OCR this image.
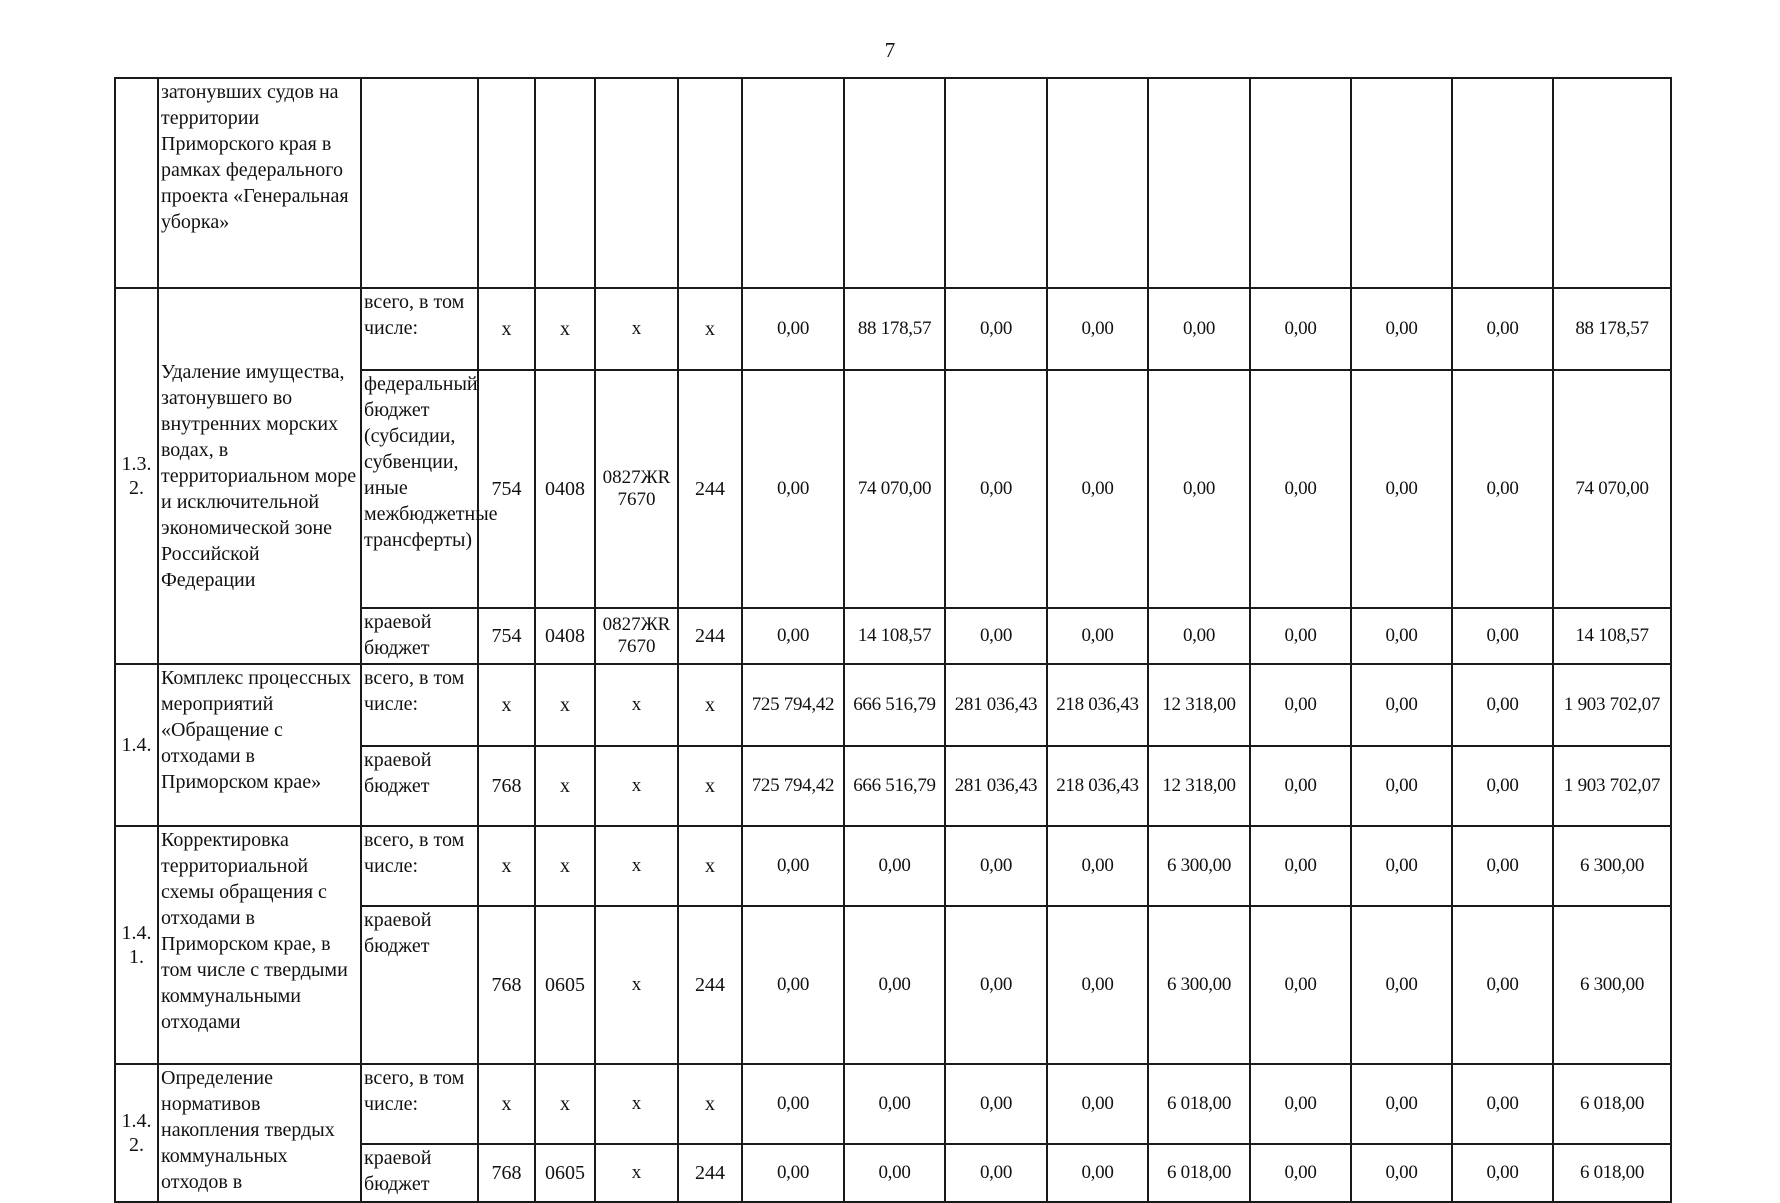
7
	затонувших судов на территории Приморского края в рамках федерального проекта «Генеральная уборка»														
1.3. 2.	Удаление имущества, затонувшего во внутренних морских водах, в территориальном море и исключительной экономической зоне Российской Федерации	всего, в том числе:	х	х	х	х	0,00	88 178,57	0,00	0,00	0,00	0,00	0,00	0,00	88 178,57
		федеральный бюджет (субсидии, субвенции, иные межбюджетные трансферты)	754	0408	0827ЖR 7670	244	0,00	74 070,00	0,00	0,00	0,00	0,00	0,00	0,00	74 070,00
		краевой бюджет	754	0408	0827ЖR 7670	244	0,00	14 108,57	0,00	0,00	0,00	0,00	0,00	0,00	14 108,57
1.4.	Комплекс процессных мероприятий «Обращение с отходами в Приморском крае»	всего, в том числе:	х	х	х	х	725 794,42	666 516,79	281 036,43	218 036,43	12 318,00	0,00	0,00	0,00	1 903 702,07
		краевой бюджет	768	х	х	х	725 794,42	666 516,79	281 036,43	218 036,43	12 318,00	0,00	0,00	0,00	1 903 702,07
1.4. 1.	Корректировка территориальной схемы обращения с отходами в Приморском крае, в том числе с твердыми коммунальными отходами	всего, в том числе:	х	х	х	х	0,00	0,00	0,00	0,00	6 300,00	0,00	0,00	0,00	6 300,00
		краевой бюджет	768	0605	х	244	0,00	0,00	0,00	0,00	6 300,00	0,00	0,00	0,00	6 300,00
1.4. 2.	Определение нормативов накопления твердых коммунальных отходов в	всего, в том числе:	х	х	х	х	0,00	0,00	0,00	0,00	6 018,00	0,00	0,00	0,00	6 018,00
		краевой бюджет	768	0605	х	244	0,00	0,00	0,00	0,00	6 018,00	0,00	0,00	0,00	6 018,00
